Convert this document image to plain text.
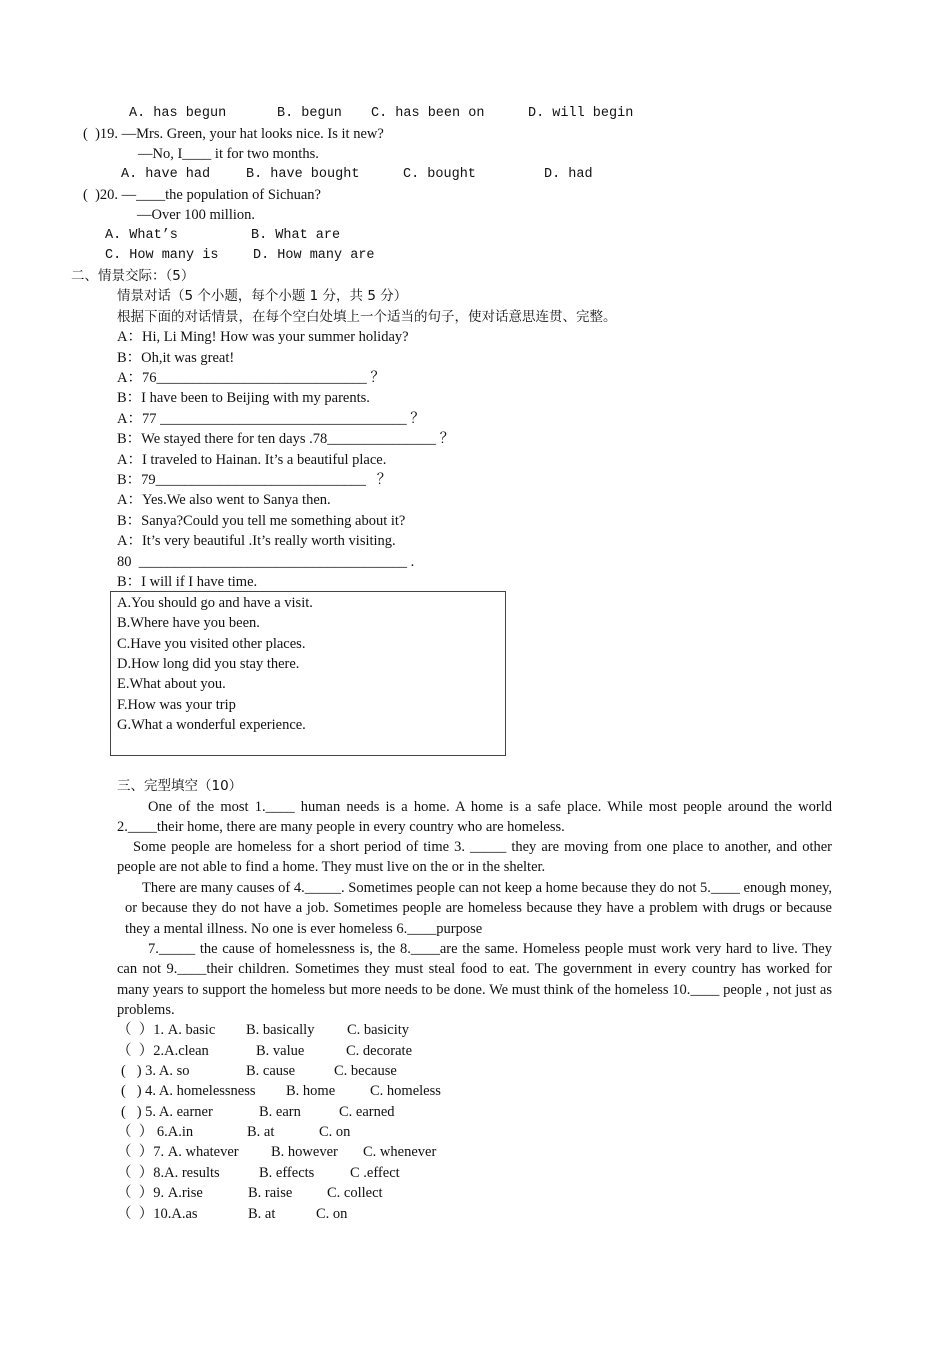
A. has begun	B. begun C. has been on	D. will begin
(  )19. —Mrs. Green, your hat looks nice. Is it new?
—No, I____ it for two months.
A. have had	B. have bought	C. bought	D. had
(  )20. —____the population of Sichuan?
—Over 100 million.
A. What’s	B. What are
C. How many is	D. How many are
二、情景交际：（5）
情景对话（5 个小题，每个小题 1 分，共 5 分）
根据下面的对话情景，在每个空白处填上一个适当的句子，使对话意思连贯、完整。
A：Hi, Li Ming! How was your summer holiday?
B：Oh,it was great!
A：76_____________________________ ？
B：I have been to Beijing with my parents.
A：77 __________________________________ ？
B：We stayed there for ten days .78_______________ ？
A：I traveled to Hainan. It’s a beautiful place.
B：79_____________________________   ？
A：Yes.We also went to Sanya then.
B：Sanya?Could you tell me something about it?
A：It’s very beautiful .It’s really worth visiting.
80  _____________________________________ .
B：I will if I have time.
A.You should go and have a visit.
B.Where have you been.
C.Have you visited other places.
D.How long did you stay there.
E.What about you.
F.How was your trip
G.What a wonderful experience.
三、完型填空（10）
One of the most 1.____ human needs is a home. A home is a safe place. While most people around the world 2.____their home, there are many people in every country who are homeless.
Some people are homeless for a short period of time 3. _____ they are moving from one place to another, and other people are not able to find a home. They must live on the or in the shelter.
There are many causes of 4._____. Sometimes people can not keep a home because they do not 5.____ enough money, or because they do not have a job. Sometimes people are homeless because they have a problem with drugs or because they a mental illness. No one is ever homeless 6.____purpose
7._____ the cause of homelessness is, the 8.____are the same. Homeless people must work very hard to live. They can not 9.____their children. Sometimes they must steal food to eat. The government in every country has worked for many years to support the homeless but more needs to be done. We must think of the homeless 10.____ people , not just as problems.
（  ）1. A. basic B. basically C. basicity
（  ）2.A.clean	B. value	C. decorate
(   ) 3. A. so	B. cause	C. because
(   ) 4. A. homelessness B. home C. homeless
(   ) 5. A. earner	B. earn	C. earned
（  ） 6.A.in	B. at	C. on
（  ）7. A. whatever B. however C. whenever
（  ）8.A. results	B. effects C .effect
（  ）9. A.rise	B. raise C. collect
（  ）10.A.as	B. at	C. on
